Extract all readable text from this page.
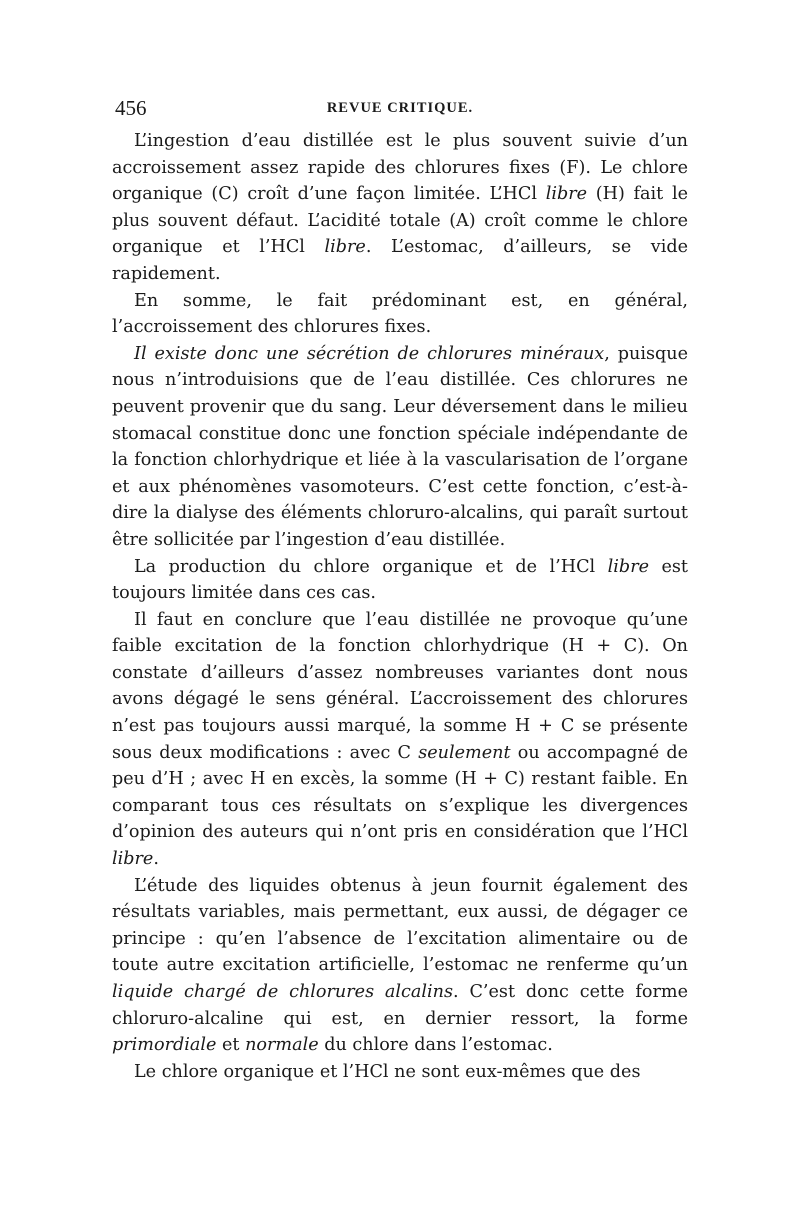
456	REVUE CRITIQUE.

L’ingestion d’eau distillée est le plus souvent suivie d’un accroissement assez rapide des chlorures fixes (F). Le chlore organique (C) croît d’une façon limitée. L’HCl libre (H) fait le plus souvent défaut. L’acidité totale (A) croît comme le chlore organique et l’HCl libre. L’estomac, d’ailleurs, se vide rapidement.

En somme, le fait prédominant est, en général, l’accroissement des chlorures fixes.

Il existe donc une sécrétion de chlorures minéraux, puisque nous n’introduisions que de l’eau distillée. Ces chlorures ne peuvent provenir que du sang. Leur déversement dans le milieu stomacal constitue donc une fonction spéciale indépendante de la fonction chlorhydrique et liée à la vascularisation de l’organe et aux phénomènes vasomoteurs. C’est cette fonction, c’est-à-dire la dialyse des éléments chloruro-alcalins, qui paraît surtout être sollicitée par l’ingestion d’eau distillée.

La production du chlore organique et de l’HCl libre est toujours limitée dans ces cas.

Il faut en conclure que l’eau distillée ne provoque qu’une faible excitation de la fonction chlorhydrique (H + C). On constate d’ailleurs d’assez nombreuses variantes dont nous avons dégagé le sens général. L’accroissement des chlorures n’est pas toujours aussi marqué, la somme H + C se présente sous deux modifications : avec C seulement ou accompagné de peu d’H ; avec H en excès, la somme (H + C) restant faible. En comparant tous ces résultats on s’explique les divergences d’opinion des auteurs qui n’ont pris en considération que l’HCl libre.

L’étude des liquides obtenus à jeun fournit également des résultats variables, mais permettant, eux aussi, de dégager ce principe : qu’en l’absence de l’excitation alimentaire ou de toute autre excitation artificielle, l’estomac ne renferme qu’un liquide chargé de chlorures alcalins. C’est donc cette forme chloruro-alcaline qui est, en dernier ressort, la forme primordiale et normale du chlore dans l’estomac.

Le chlore organique et l’HCl ne sont eux-mêmes que des
